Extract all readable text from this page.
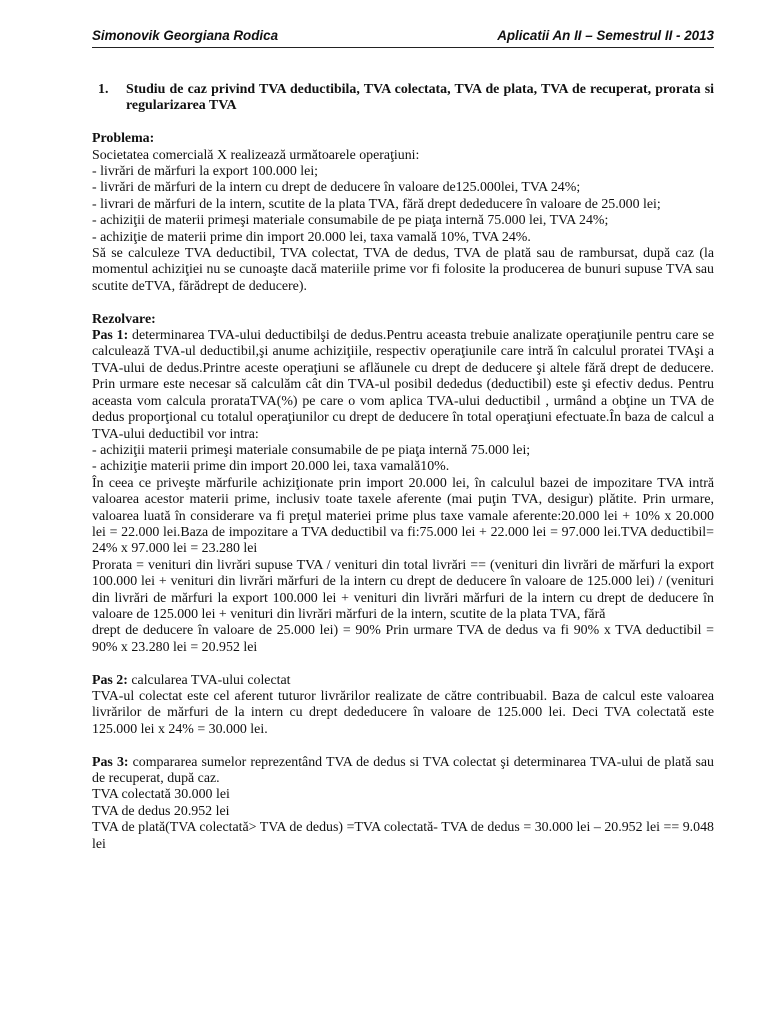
Simonovik Georgiana Rodica	Aplicatii An II – Semestrul II - 2013
1.	Studiu de caz privind TVA deductibila, TVA colectata, TVA de plata, TVA de recuperat, prorata si regularizarea TVA

Problema:

Societatea comercială X realizează următoarele operaţiuni:

- livrări de mărfuri la export 100.000 lei;

- livrări de mărfuri de la intern cu drept de deducere în valoare de125.000lei, TVA 24%;

- livrari de mărfuri de la intern, scutite de la plata TVA, fără drept dededucere în valoare de 25.000 lei;

- achiziţii de materii primeşi materiale consumabile de pe piaţa internă 75.000 lei, TVA 24%;

- achiziţie de materii prime din import 20.000 lei, taxa vamală 10%, TVA 24%.

Să se calculeze TVA deductibil, TVA colectat, TVA de dedus, TVA de plată sau de rambursat, după caz (la momentul achiziţiei nu se cunoaşte dacă materiile prime vor fi folosite la producerea de bunuri supuse TVA sau scutite deTVA, fărădrept de deducere).

Rezolvare:

Pas 1: determinarea TVA-ului deductibilşi de dedus.Pentru aceasta trebuie analizate operaţiunile pentru care se calculează TVA-ul deductibil,şi anume achiziţiile, respectiv operaţiunile care intră în calculul proratei TVAşi a TVA-ului de dedus.Printre aceste operaţiuni se aflăunele cu drept de deducere şi altele fără drept de deducere. Prin urmare este necesar să calculăm cât din TVA-ul posibil dededus (deductibil) este şi efectiv dedus. Pentru aceasta vom calcula prorataTVA(%) pe care o vom aplica TVA-ului deductibil , urmând a obţine un TVA de dedus proporţional cu totalul operaţiunilor cu drept de deducere în total operaţiuni efectuate.În baza de calcul a TVA-ului deductibil vor intra:

- achiziţii materii primeşi materiale consumabile de pe piaţa internă 75.000 lei;

- achiziţie materii prime din import 20.000 lei, taxa vamală10%.

În ceea ce priveşte mărfurile achiziţionate prin import 20.000 lei, în calculul bazei de impozitare TVA intră valoarea acestor materii prime, inclusiv toate taxele aferente (mai puţin TVA, desigur) plătite. Prin urmare, valoarea luată în considerare va fi preţul materiei prime plus taxe vamale aferente:20.000 lei + 10% x 20.000 lei = 22.000 lei.Baza de impozitare a TVA deductibil va fi:75.000 lei + 22.000 lei = 97.000 lei.TVA deductibil= 24% x 97.000 lei = 23.280 lei

Prorata = venituri din livrări supuse TVA / venituri din total livrări == (venituri din livrări de mărfuri la export 100.000 lei + venituri din livrări mărfuri de la intern cu drept de deducere în valoare de 125.000 lei) / (venituri din livrări de mărfuri la export 100.000 lei + venituri din livrări mărfuri de la intern cu drept de deducere în valoare de 125.000 lei + venituri din livrări mărfuri de la intern, scutite de la plata TVA, fără

drept de deducere în valoare de 25.000 lei) = 90% Prin urmare TVA de dedus va fi 90% x TVA deductibil = 90% x 23.280 lei = 20.952 lei

Pas 2: calcularea TVA-ului colectat

TVA-ul colectat este cel aferent tuturor livrărilor realizate de către contribuabil. Baza de calcul este valoarea livrărilor de mărfuri de la intern cu drept dededucere în valoare de 125.000 lei. Deci TVA colectată este 125.000 lei x 24% = 30.000 lei.

Pas 3: compararea sumelor reprezentând TVA de dedus si TVA colectat şi determinarea TVA-ului de plată sau de recuperat, după caz.

TVA colectată 30.000 lei

TVA de dedus 20.952 lei

TVA de plată(TVA colectată> TVA de dedus) =TVA colectată- TVA de dedus = 30.000 lei – 20.952 lei == 9.048 lei
